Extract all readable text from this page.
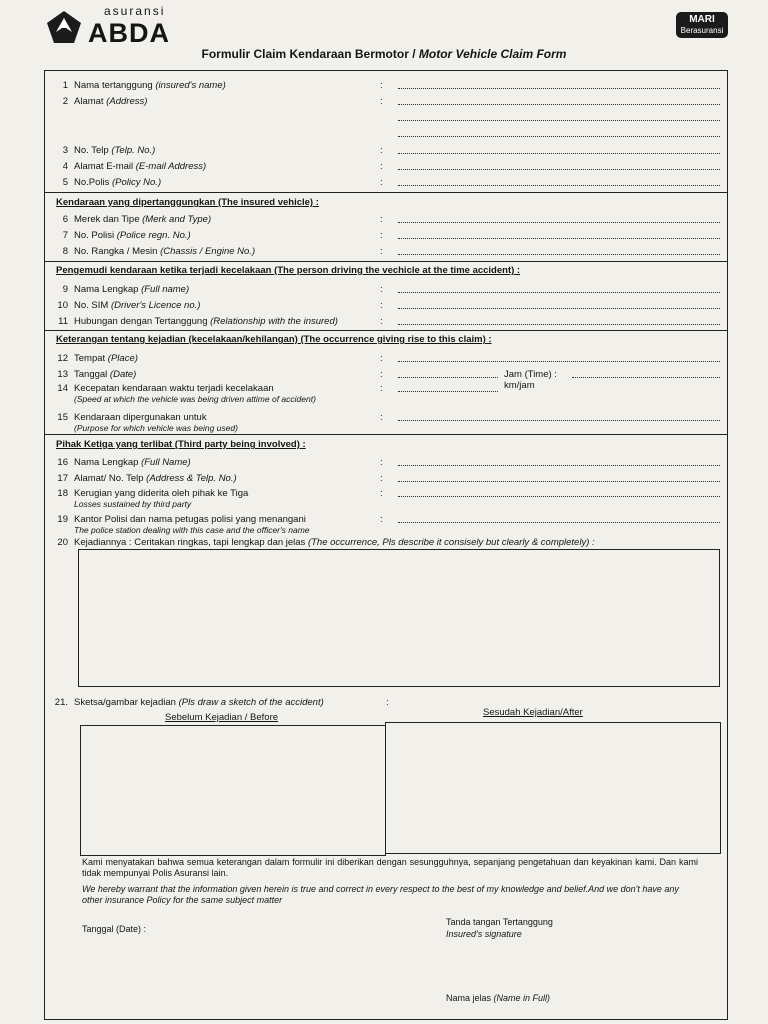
asuransi
ABDA	MARI
Berasuransi
Formulir Claim Kendaraan Bermotor / Motor Vehicle Claim Form
1 Nama tertanggung (insured's name)	:
2 Alamat (Address)	:
3 No. Telp (Telp. No.)	:
4 Alamat E-mail (E-mail Address)	:
5 No.Polis (Policy No.)	:
Kendaraan yang dipertanggungkan (The insured vehicle) :
6 Merek dan Tipe (Merk and Type)	:
7 No. Polisi (Police regn. No.)	:
8 No. Rangka / Mesin (Chassis / Engine No.)	:
Pengemudi kendaraan ketika terjadi kecelakaan (The person driving the vechicle at the time accident) :
9 Nama Lengkap (Full name)	:
10 No. SIM (Driver's Licence no.)	:
11 Hubungan dengan Tertanggung (Relationship with the insured)	:
Keterangan tentang kejadian (kecelakaan/kehilangan) (The occurrence giving rise to this claim) :
12 Tempat (Place)	:
13 Tanggal (Date)	:	Jam (Time) :
14 Kecepatan kendaraan waktu terjadi kecelakaan
(Speed at which the vehicle was being driven attime of accident)
:	km/jam
15 Kendaraan dipergunakan untuk
(Purpose for which vehicle was being used)
:
Pihak Ketiga yang terlibat (Third party being involved) :
16 Nama Lengkap (Full Name)	:
17 Alamat/ No. Telp (Address & Telp. No.)	:
18 Kerugian yang diderita oleh pihak ke Tiga
Losses sustained by third party
:
19 Kantor Polisi dan nama petugas polisi yang menangani
The police station dealing with this case and the officer's name
:
20 Kejadiannya : Ceritakan ringkas, tapi lengkap dan jelas (The occurrence, Pls describe it consisely but clearly & completely) :
21. Sketsa/gambar kejadian (Pls draw a sketch of the accident)	:
Sebelum Kejadian / Before	Sesudah Kejadian/After
Kami menyatakan bahwa semua keterangan dalam formulir ini diberikan dengan sesungguhnya, sepanjang pengetahuan dan keyakinan kami. Dan kami tidak mempunyai Polis Asuransi lain.
We hereby warrant that the information given herein is true and correct in every respect to the best of my knowledge and belief.And we don't have any other insurance Policy for the same subject matter
Tanggal (Date) :
Tanda tangan Tertanggung
Insured's signature
Nama jelas (Name in Full)
